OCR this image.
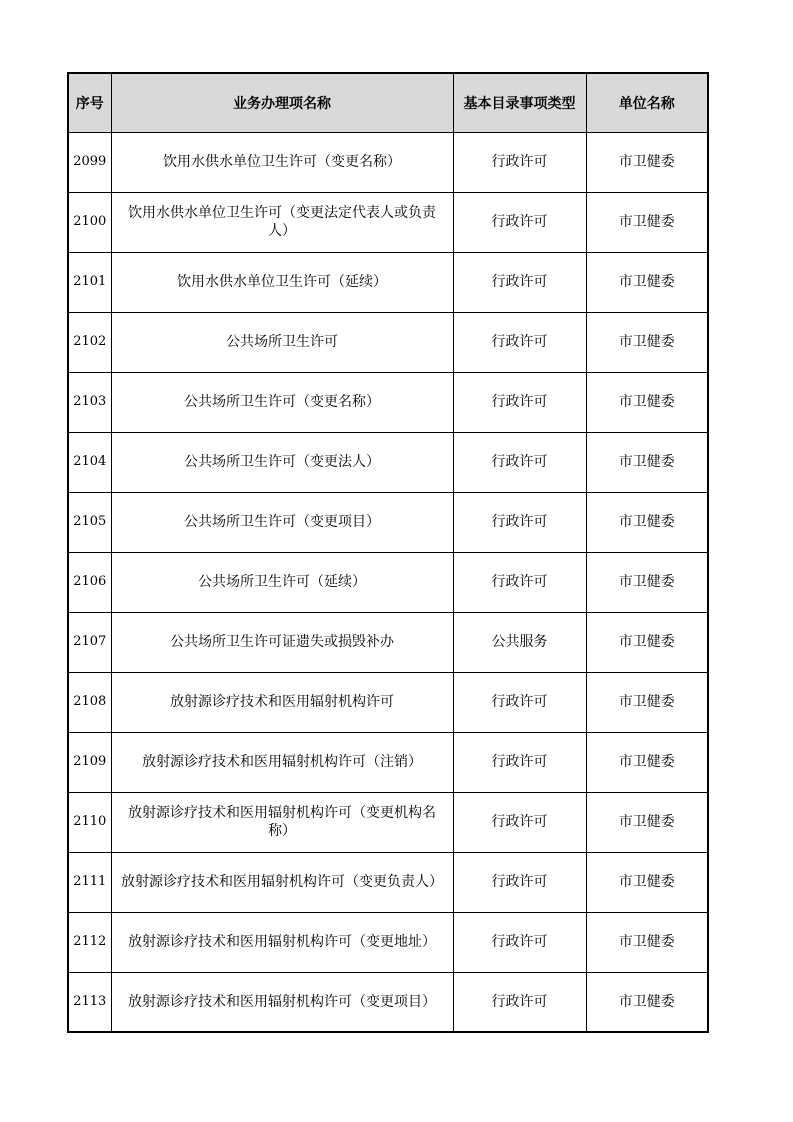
序号	业务办理项名称	基本目录事项类型	单位名称
2099	饮用水供水单位卫生许可（变更名称）	行政许可	市卫健委
2100	饮用水供水单位卫生许可（变更法定代表人或负责人）	行政许可	市卫健委
2101	饮用水供水单位卫生许可（延续）	行政许可	市卫健委
2102	公共场所卫生许可	行政许可	市卫健委
2103	公共场所卫生许可（变更名称）	行政许可	市卫健委
2104	公共场所卫生许可（变更法人）	行政许可	市卫健委
2105	公共场所卫生许可（变更项目）	行政许可	市卫健委
2106	公共场所卫生许可（延续）	行政许可	市卫健委
2107	公共场所卫生许可证遗失或损毁补办	公共服务	市卫健委
2108	放射源诊疗技术和医用辐射机构许可	行政许可	市卫健委
2109	放射源诊疗技术和医用辐射机构许可（注销）	行政许可	市卫健委
2110	放射源诊疗技术和医用辐射机构许可（变更机构名称）	行政许可	市卫健委
2111	放射源诊疗技术和医用辐射机构许可（变更负责人）	行政许可	市卫健委
2112	放射源诊疗技术和医用辐射机构许可（变更地址）	行政许可	市卫健委
2113	放射源诊疗技术和医用辐射机构许可（变更项目）	行政许可	市卫健委
